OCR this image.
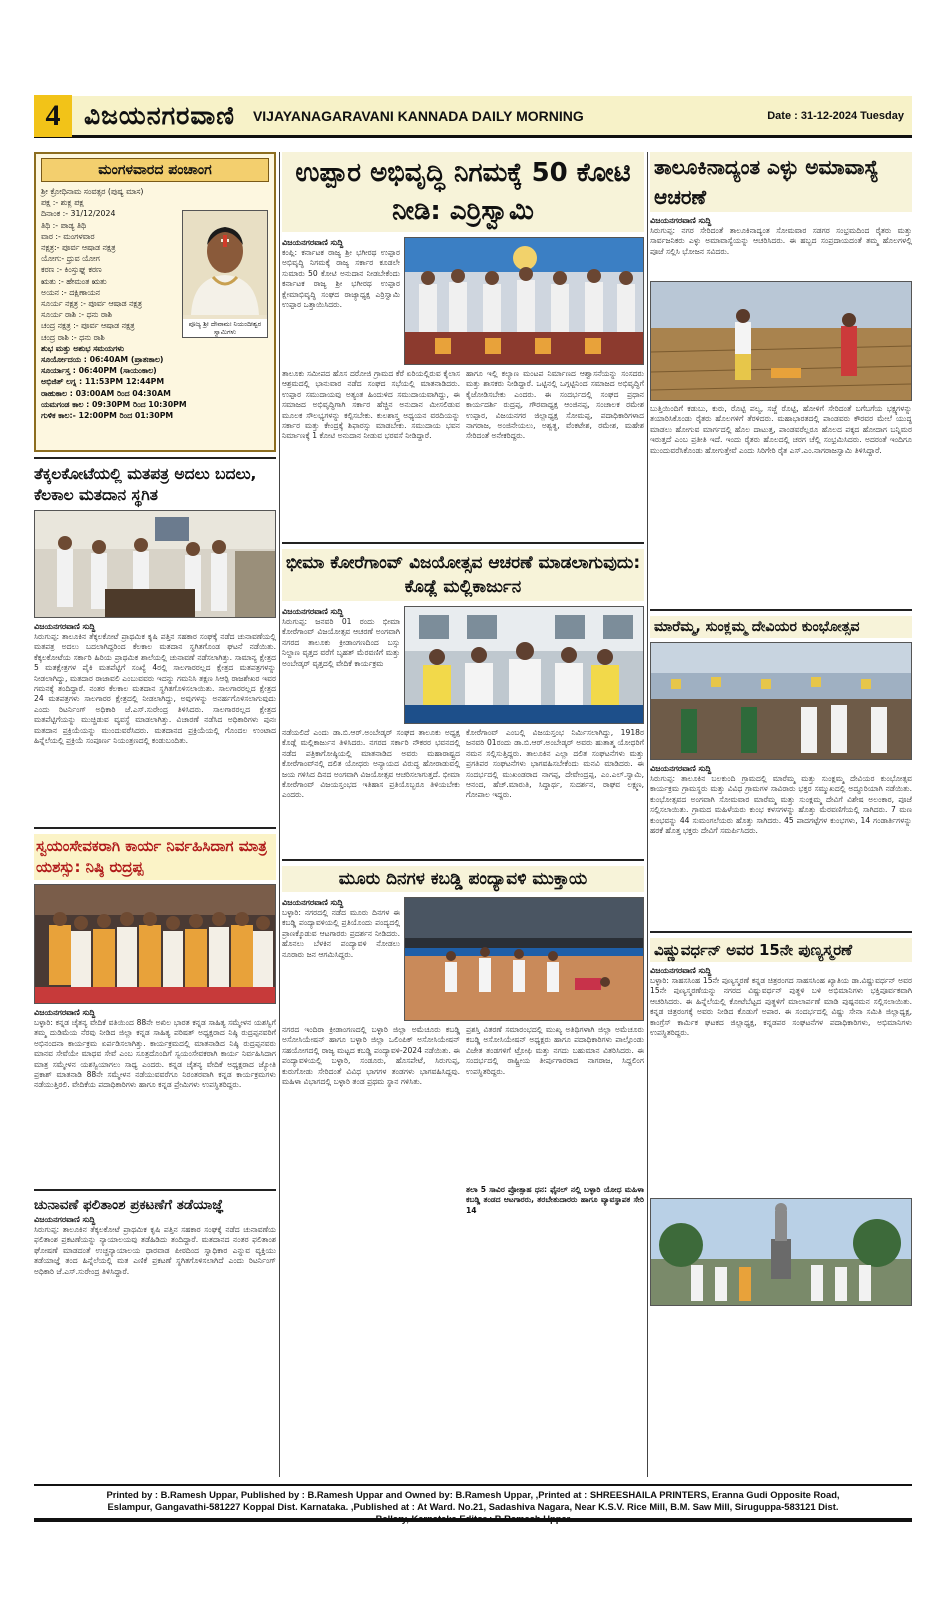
4 ವಿಜಯನಗರವಾಣಿ VIJAYANAGARAVANI KANNADA DAILY MORNING	Date : 31-12-2024 Tuesday
ಮಂಗಳವಾರದ ಪಂಚಾಂಗ
ಶ್ರೀ ಕ್ರೋಧಿನಾಮ ಸಂವತ್ಸರ (ಪುಷ್ಯ ಮಾಸ)
ಪಕ್ಷ :- ಶುಕ್ಲ ಪಕ್ಷ
ದಿನಾಂಕ :- 31/12/2024
ತಿಥಿ :- ಪಾಡ್ಯ ತಿಥಿ
ವಾರ :- ಮಂಗಳವಾರ
ನಕ್ಷತ್ರ:- ಪೂರ್ವ ಆಷಾಡ ನಕ್ಷತ್ರ
ಯೋಗ:- ಧ್ರುವ ಯೋಗ
ಕರಣ :- ಕಿಂಸ್ತುಘ್ನ ಕರಣ
ಋತು :- ಹೇಮಂತ ಋತು
ಅಯನ :- ದಕ್ಷಿಣಾಯನ
ಸೂರ್ಯ ನಕ್ಷತ್ರ :- ಪೂರ್ವ ಆಷಾಡ ನಕ್ಷತ್ರ
ಸೂರ್ಯ ರಾಶಿ :- ಧನು ರಾಶಿ
ಚಂದ್ರ ನಕ್ಷತ್ರ :- ಪೂರ್ವ ಆಷಾಡ ನಕ್ಷತ್ರ
ಚಂದ್ರ ರಾಶಿ :- ಧನು ರಾಶಿ
ಶುಭ ಮತ್ತು ಅಶುಭ ಸಮಯಗಳು
ಸೂರ್ಯೋದಯ : 06:40AM (ಪ್ರಾತಃಕಾಲ)
ಸೂರ್ಯಾಸ್ತ : 06:40PM (ಸಾಯಂಕಾಲ)
ಅಭಿಜಿತ್ ಲಗ್ನ : 11:53PM 12:44PM
ರಾಹುಕಾಲ : 03:00AM ರಿಂದ 04:30AM
ಯಮಗಂಡ ಕಾಲ : 09:30PM ರಿಂದ 10:30PM
ಗುಳಿಕ ಕಾಲ:- 12:00PM ರಿಂದ 01:30PM
ಪೂಜ್ಯ ಶ್ರೀ ದೇವಾಮಃ ನಿಯಂದೀಶ್ವರ ಸ್ವಾಮಿಗಳು
ತೆಕ್ಕಲಕೋಟೆಯಲ್ಲಿ ಮತಪತ್ರ ಅದಲು ಬದಲು, ಕೆಲಕಾಲ ಮತದಾನ ಸ್ಥಗಿತ
ವಿಜಯನಗರವಾಣಿ ಸುದ್ದಿ
ಸಿರುಗುಪ್ಪ: ತಾಲೂಕಿನ ತೆಕ್ಕಲಕೋಟೆ ಪ್ರಾಥಮಿಕ ಕೃಷಿ ಪತ್ತಿನ ಸಹಕಾರ ಸಂಘಕ್ಕೆ ನಡೆದ ಚುನಾವಣೆಯಲ್ಲಿ ಮತಪತ್ರ ಅದಲು ಬದಲಾಗಿದ್ದರಿಂದ ಕೆಲಕಾಲ ಮತದಾನ ಸ್ಥಗಿತಗೊಂಡ ಘಟನೆ ನಡೆಯಿತು. ಕೆಕ್ಕಲಕೋಟೆಯ ಸರ್ಕಾರಿ ಹಿರಿಯ ಪ್ರಾಥಮಿಕ ಶಾಲೆಯಲ್ಲಿ ಚುನಾವಣೆ ನಡೆಸಲಾಗಿತ್ತು. ಸಾಮಾನ್ಯ ಕ್ಷೇತ್ರದ 5 ಮತಕ್ಷೇತ್ರಗಳ ಪೈಕಿ ಮತಪೆಟ್ಟಿಗೆ ಸಂಖ್ಯೆ 4ರಲ್ಲಿ ಸಾಲಗಾರರಲ್ಲದ ಕ್ಷೇತ್ರದ ಮತಪತ್ರಗಳನ್ನು ನೀಡಲಾಗಿದ್ದು, ಮತದಾರ ರಾಜಾವಲಿ ಎಂಬುವವರು ಇದನ್ನು ಗಮನಿಸಿ ತಕ್ಷಣ ಸಿಆರ್‍ಪಿ ರಾಜಶೇಖರ ಇವರ ಗಮನಕ್ಕೆ ತಂದಿದ್ದಾರೆ. ನಂತರ ಕೆಲಕಾಲ ಮತದಾನ ಸ್ಥಗಿತಗೊಳಿಸಲಾಯಿತು. ಸಾಲಗಾರರಲ್ಲದ ಕ್ಷೇತ್ರದ 24 ಮತಪತ್ರಗಳು ಸಾಲಗಾರರ ಕ್ಷೇತ್ರದಲ್ಲಿ ನೀಡಲಾಗಿದ್ದು, ಅವುಗಳನ್ನು ಅನರ್ಹಗೊಳಿಸಲಾಗುವುದು ಎಂದು ರಿಟರ್ನಿಂಗ್ ಅಧಿಕಾರಿ ಜೆ.ಎಸ್.ಸುರೇಂದ್ರ ತಿಳಿಸಿದರು. ಸಾಲಗಾರರಲ್ಲದ ಕ್ಷೇತ್ರದ ಮತಪೆಟ್ಟಿಗೆಯನ್ನು ಮುಚ್ಚಿಡುವ ವ್ಯವಸ್ಥೆ ಮಾಡಲಾಗಿತ್ತು. ವಿಚಾರಣೆ ನಡೆಸಿದ ಅಧಿಕಾರಿಗಳು ಪುನಃ ಮತದಾನ ಪ್ರಕ್ರಿಯೆಯನ್ನು ಮುಂದುವರೆಸಿದರು. ಮತದಾನದ ಪ್ರಕ್ರಿಯೆಯಲ್ಲಿ ಗೊಂದಲ ಉಂಟಾದ ಹಿನ್ನೆಲೆಯಲ್ಲಿ ಪ್ರಕ್ರಿಯೆ ಸಂಪೂರ್ಣ ನಿಯಂತ್ರಣದಲ್ಲಿ ಕಂಡುಬಂದಿತು.
ಸ್ವಯಂಸೇವಕರಾಗಿ ಕಾರ್ಯ ನಿರ್ವಹಿಸಿದಾಗ ಮಾತ್ರ ಯಶಸ್ಸು: ನಿಷ್ಠಿ ರುದ್ರಪ್ಪ
ವಿಜಯನಗರವಾಣಿ ಸುದ್ದಿ
ಬಳ್ಳಾರಿ: ಕನ್ನಡ ಚೈತನ್ಯ ವೇದಿಕೆ ವತಿಯಿಂದ 88ನೇ ಅಖಿಲ ಭಾರತ ಕನ್ನಡ ಸಾಹಿತ್ಯ ಸಮ್ಮೇಳನ ಯಶಸ್ವಿಗೆ ತಮ್ಮ ದುಡಿಮೆಯ ನೆರವು ನೀಡಿದ ಜಿಲ್ಲಾ ಕನ್ನಡ ಸಾಹಿತ್ಯ ಪರಿಷತ್ ಅಧ್ಯಕ್ಷರಾದ ನಿಷ್ಠಿ ರುದ್ರಪ್ಪನವರಿಗೆ ಅಭಿನಂದನಾ ಕಾರ್ಯಕ್ರಮ ಏರ್ಪಡಿಸಲಾಗಿತ್ತು. ಕಾರ್ಯಕ್ರಮದಲ್ಲಿ ಮಾತನಾಡಿದ ನಿಷ್ಠಿ ರುದ್ರಪ್ಪನವರು ಮಾನವ ಸೇವೆಯೇ ಮಾಧವ ಸೇವೆ ಎಂಬ ಸೂತ್ರದೊಂದಿಗೆ ಸ್ವಯಂಸೇವಕರಾಗಿ ಕಾರ್ಯ ನಿರ್ವಹಿಸಿದಾಗ ಮಾತ್ರ ಸಮ್ಮೇಳನ ಯಶಸ್ವಿಯಾಗಲು ಸಾಧ್ಯ ಎಂದರು. ಕನ್ನಡ ಚೈತನ್ಯ ವೇದಿಕೆ ಅಧ್ಯಕ್ಷರಾದ ಜ್ಯೋತಿ ಪ್ರಕಾಶ್ ಮಾತನಾಡಿ 88ನೇ ಸಮ್ಮೇಳನ ನಡೆಯುವವರೆಗೂ ನಿರಂತರವಾಗಿ ಕನ್ನಡ ಕಾರ್ಯಕ್ರಮಗಳು ನಡೆಯುತ್ತಿರಲಿ. ವೇದಿಕೆಯ ಪದಾಧಿಕಾರಿಗಳು ಹಾಗೂ ಕನ್ನಡ ಪ್ರೇಮಿಗಳು ಉಪಸ್ಥಿತರಿದ್ದರು.
ಚುನಾವಣೆ ಫಲಿತಾಂಶ ಪ್ರಕಟಣೆಗೆ ತಡೆಯಾಜ್ಞೆ
ವಿಜಯನಗರವಾಣಿ ಸುದ್ದಿ
ಸಿರುಗುಪ್ಪ: ತಾಲೂಕಿನ ತೆಕ್ಕಲಕೋಟೆ ಪ್ರಾಥಮಿಕ ಕೃಷಿ ಪತ್ತಿನ ಸಹಕಾರ ಸಂಘಕ್ಕೆ ನಡೆದ ಚುನಾವಣೆಯ ಫಲಿತಾಂಶ ಪ್ರಕಟಣೆಯನ್ನು ನ್ಯಾಯಾಲಯವು ತಡೆಹಿಡಿದು ತಂದಿದ್ದಾರೆ. ಮತದಾನದ ನಂತರ ಫಲಿತಾಂಶ ಘೋಷಣೆ ಮಾಡದಂತೆ ಉಚ್ಚನ್ಯಾಯಾಲಯ ಧಾರವಾಡ ಪೀಠದಿಂದ ಸ್ವಾಧಿಕಾರ ಎನ್ನುವ ವ್ಯಕ್ತಿಯು ತಡೆಯಾಜ್ಞೆ ತಂದ ಹಿನ್ನೆಲೆಯಲ್ಲಿ ಮತ ಎಣಿಕೆ ಪ್ರಕಟಣೆ ಸ್ಥಗಿತಗೊಳಿಸಲಾಗಿದೆ ಎಂದು ರಿಟರ್ನಿಂಗ್ ಅಧಿಕಾರಿ ಜೆ.ಎಸ್.ಸುರೇಂದ್ರ ತಿಳಿಸಿದ್ದಾರೆ.
ಉಪ್ಪಾರ ಅಭಿವೃದ್ಧಿ ನಿಗಮಕ್ಕೆ 50 ಕೋಟಿ ನೀಡಿ: ಎರ್ರಿಸ್ವಾಮಿ
ವಿಜಯನಗರವಾಣಿ ಸುದ್ದಿ
ಕಂಪ್ಲಿ: ಕರ್ನಾಟಕ ರಾಜ್ಯ ಶ್ರೀ ಭಗೀರಥ ಉಪ್ಪಾರ ಅಭಿವೃದ್ಧಿ ನಿಗಮಕ್ಕೆ ರಾಜ್ಯ ಸರ್ಕಾರ ಕೂಡಲೇ ಸುಮಾರು 50 ಕೋಟಿ ಅನುದಾನ ನೀಡಬೇಕೆಂದು ಕರ್ನಾಟಕ ರಾಜ್ಯ ಶ್ರೀ ಭಗೀರಥ ಉಪ್ಪಾರ ಕ್ಷೇಮಾಭಿವೃದ್ಧಿ ಸಂಘದ ರಾಜ್ಯಾಧ್ಯಕ್ಷ ಎರ್ರಿಸ್ವಾಮಿ ಉಪ್ಪಾರ ಒತ್ತಾಯಿಸಿದರು.
ತಾಲೂಕು ಸಮೀಪದ ಹೊಸ ದರೋಜಿ ಗ್ರಾಮದ ಕೆರೆ ಏರಿಯಲ್ಲಿರುವ ಕೈಲಾಸ ಆಶ್ರಮದಲ್ಲಿ ಭಾನುವಾರ ನಡೆದ ಸಂಘದ ಸಭೆಯಲ್ಲಿ ಮಾತನಾಡಿದರು. ಉಪ್ಪಾರ ಸಮುದಾಯವು ಅತ್ಯಂತ ಹಿಂದುಳಿದ ಸಮುದಾಯವಾಗಿದ್ದು, ಈ ಸಮಾಜದ ಅಭಿವೃದ್ಧಿಗಾಗಿ ಸರ್ಕಾರ ಹೆಚ್ಚಿನ ಅನುದಾನ ಮೀಸಲಿಡುವ ಮೂಲಕ ಸೌಲಭ್ಯಗಳನ್ನು ಕಲ್ಪಿಸಬೇಕು. ಕುಲಶಾಸ್ತ್ರ ಅಧ್ಯಯನ ವರದಿಯನ್ನು ಸರ್ಕಾರ ಮತ್ತು ಕೇಂದ್ರಕ್ಕೆ ಶಿಫಾರಸ್ಸು ಮಾಡಬೇಕು. ಸಮುದಾಯ ಭವನ ನಿರ್ಮಾಣಕ್ಕೆ 1 ಕೋಟಿ ಅನುದಾನ ನೀಡುವ ಭರವಸೆ ನೀಡಿದ್ದಾರೆ.
ಹಾಗೂ ಇಲ್ಲಿ ಕಲ್ಯಾಣ ಮಂಟಪ ನಿರ್ಮಾಣದ ಆಶ್ವಾಸನೆಯನ್ನು ಸಂಸದರು ಮತ್ತು ಶಾಸಕರು ನೀಡಿದ್ದಾರೆ. ಒಟ್ಟಿನಲ್ಲಿ ಒಗ್ಗಟ್ಟಿನಿಂದ ಸಮಾಜದ ಅಭಿವೃದ್ಧಿಗೆ ಕೈಜೋಡಿಸಬೇಕು ಎಂದರು. ಈ ಸಂದರ್ಭದಲ್ಲಿ ಸಂಘದ ಪ್ರಧಾನ ಕಾರ್ಯದರ್ಶಿ ರುದ್ರಪ್ಪ, ಗೌರವಾಧ್ಯಕ್ಷ ಆಂಜಿನಪ್ಪ, ಸಂಚಾಲಕ ರಮೇಶ ಉಪ್ಪಾರ, ವಿಜಯನಗರ ಜಿಲ್ಲಾಧ್ಯಕ್ಷ ಸೋಮಪ್ಪ, ಪದಾಧಿಕಾರಿಗಳಾದ ನಾಗರಾಜ, ಅಂಜಿನೇಯಲು, ಅಶ್ವತ್ಥ, ವೆಂಕಟೇಶ, ರಮೇಶ, ಮಹೇಶ ಸೇರಿದಂತೆ ಅನೇಕರಿದ್ದರು.
ಭೀಮಾ ಕೋರೆಗಾಂವ್ ವಿಜಯೋತ್ಸವ ಆಚರಣೆ ಮಾಡಲಾಗುವುದು: ಕೊಡ್ಲೆ ಮಲ್ಲಿಕಾರ್ಜುನ
ವಿಜಯನಗರವಾಣಿ ಸುದ್ದಿ
ಸಿರುಗುಪ್ಪ: ಜನವರಿ 01 ರಂದು ಭೀಮಾ ಕೋರೆಗಾಂವ್ ವಿಜಯೋತ್ಸವ ಆಚರಣೆ ಅಂಗವಾಗಿ ನಗರದ ತಾಲೂಕು ಕ್ರೀಡಾಂಗಣದಿಂದ ಬಸ್ಸು ನಿಲ್ದಾಣ ವೃತ್ತದ ವರೆಗೆ ಬೃಹತ್ ಮೆರವಣಿಗೆ ಮತ್ತು ಅಂಬೇಡ್ಕರ್ ವೃತ್ತದಲ್ಲಿ ವೇದಿಕೆ ಕಾರ್ಯಕ್ರಮ
ನಡೆಯಲಿದೆ ಎಂದು ಡಾ.ಬಿ.ಆರ್.ಅಂಬೇಡ್ಕರ್ ಸಂಘದ ತಾಲೂಕು ಅಧ್ಯಕ್ಷ ಕೊಡ್ಲೆ ಮಲ್ಲಿಕಾರ್ಜುನ ತಿಳಿಸಿದರು. ನಗರದ ಸರ್ಕಾರಿ ನೌಕರರ ಭವನದಲ್ಲಿ ನಡೆದ ಪತ್ರಿಕಾಗೋಷ್ಠಿಯಲ್ಲಿ ಮಾತನಾಡಿದ ಅವರು ಮಹಾರಾಷ್ಟ್ರದ ಕೋರೆಗಾಂವ್‍ನಲ್ಲಿ ದಲಿತ ಯೋಧರು ಅನ್ಯಾಯದ ವಿರುದ್ಧ ಹೋರಾಡುವಲ್ಲಿ ಜಯ ಗಳಿಸಿದ ದಿನದ ಅಂಗವಾಗಿ ವಿಜಯೋತ್ಸವ ಆಚರಿಸಲಾಗುತ್ತದೆ. ಭೀಮಾ ಕೋರೆಗಾಂವ್ ವಿಜಯಸ್ತಂಭದ ಇತಿಹಾಸ ಪ್ರತಿಯೊಬ್ಬರೂ ತಿಳಿಯಬೇಕು ಎಂದರು.
ಕೋರೆಗಾಂವ್ ಎಂಬಲ್ಲಿ ವಿಜಯಸ್ತಂಭ ನಿರ್ಮಿಸಲಾಗಿದ್ದು, 1918ರ ಜನವರಿ 01ರಂದು ಡಾ.ಬಿ.ಆರ್.ಅಂಬೇಡ್ಕರ್ ಅವರು ಹುತಾತ್ಮ ಯೋಧರಿಗೆ ನಮನ ಸಲ್ಲಿಸುತ್ತಿದ್ದರು. ತಾಲೂಕಿನ ಎಲ್ಲಾ ದಲಿತ ಸಂಘಟನೆಗಳು ಮತ್ತು ಪ್ರಗತಿಪರ ಸಂಘಟನೆಗಳು ಭಾಗವಹಿಸಬೇಕೆಂದು ಮನವಿ ಮಾಡಿದರು. ಈ ಸಂದರ್ಭದಲ್ಲಿ ಮುಖಂಡರಾದ ನಾಗಪ್ಪ, ದೇವೇಂದ್ರಪ್ಪ, ಎಂ.ಎಲ್.ಸ್ವಾಮಿ, ಆನಂದ, ಹೆಚ್.ಮಾರುತಿ, ಸಿದ್ದಾರ್ಥ, ಸುದರ್ಶನ, ರಾಘವ ಲಕ್ಷ್ಮಣ, ಗೋಪಾಲ ಇದ್ದರು.
ಮೂರು ದಿನಗಳ ಕಬಡ್ಡಿ ಪಂದ್ಯಾವಳಿ ಮುಕ್ತಾಯ
ವಿಜಯನಗರವಾಣಿ ಸುದ್ದಿ
ಬಳ್ಳಾರಿ: ನಗರದಲ್ಲಿ ನಡೆದ ಮೂರು ದಿನಗಳ ಈ ಕಬಡ್ಡಿ ಪಂದ್ಯಾವಳಿಯಲ್ಲಿ ಪ್ರತಿಯೊಂದು ಪಂದ್ಯದಲ್ಲಿ ಪ್ರಾಣಕ್ಕೊಡುವ ಆಟಗಾರರು ಪ್ರದರ್ಶನ ನೀಡಿದರು. ಹೊನಲು ಬೆಳಕಿನ ಪಂದ್ಯಾವಳಿ ನೋಡಲು ನೂರಾರು ಜನ ಆಗಮಿಸಿದ್ದರು.
ನಗರದ ಇಂದಿರಾ ಕ್ರೀಡಾಂಗಣದಲ್ಲಿ ಬಳ್ಳಾರಿ ಜಿಲ್ಲಾ ಅಮೆಚೂರು ಕಬಡ್ಡಿ ಅಸೋಸಿಯೇಷನ್ ಹಾಗೂ ಬಳ್ಳಾರಿ ಜಿಲ್ಲಾ ಒಲಿಂಪಿಕ್ ಅಸೋಸಿಯೇಷನ್ ಸಹಯೋಗದಲ್ಲಿ ರಾಜ್ಯ ಮಟ್ಟದ ಕಬಡ್ಡಿ ಪಂದ್ಯಾವಳಿ-2024 ನಡೆಯಿತು. ಈ ಪಂದ್ಯಾವಳಿಯಲ್ಲಿ ಬಳ್ಳಾರಿ, ಸಂಡೂರು, ಹೊಸಪೇಟೆ, ಸಿರುಗುಪ್ಪ, ಕುರುಗೋಡು ಸೇರಿದಂತೆ ವಿವಿಧ ಭಾಗಗಳ ತಂಡಗಳು ಭಾಗವಹಿಸಿದ್ದವು. ಮಹಿಳಾ ವಿಭಾಗದಲ್ಲಿ ಬಳ್ಳಾರಿ ತಂಡ ಪ್ರಥಮ ಸ್ಥಾನ ಗಳಿಸಿತು.
ಪ್ರಶಸ್ತಿ ವಿತರಣೆ ಸಮಾರಂಭದಲ್ಲಿ ಮುಖ್ಯ ಅತಿಥಿಗಳಾಗಿ ಜಿಲ್ಲಾ ಅಮೆಚೂರು ಕಬಡ್ಡಿ ಅಸೋಸಿಯೇಷನ್ ಅಧ್ಯಕ್ಷರು ಹಾಗೂ ಪದಾಧಿಕಾರಿಗಳು ಪಾಲ್ಗೊಂಡು ವಿಜೇತ ತಂಡಗಳಿಗೆ ಟ್ರೋಫಿ ಮತ್ತು ನಗದು ಬಹುಮಾನ ವಿತರಿಸಿದರು. ಈ ಸಂದರ್ಭದಲ್ಲಿ ರಾಷ್ಟ್ರೀಯ ತೀರ್ಪುಗಾರರಾದ ನಾಗರಾಜ, ಸಿದ್ದಲಿಂಗ ಉಪಸ್ಥಿತರಿದ್ದರು.
ತಲಾ 5 ಸಾವಿರ ಪ್ರೋತ್ಸಾಹ ಧನ: ಫೈನಲ್ ನಲ್ಲಿ ಬಳ್ಳಾರಿ ಯೋಧ ಮಹಿಳಾ ಕಬಡ್ಡಿ ತಂಡದ ಆಟಗಾರರು, ತರಬೇತುದಾರರು ಹಾಗೂ ವ್ಯಾವಸ್ಥಾಪಕ ಸೇರಿ 14
ತಾಲೂಕಿನಾದ್ಯಂತ ಎಳ್ಳು ಅಮಾವಾಸ್ಯೆ ಆಚರಣೆ
ವಿಜಯನಗರವಾಣಿ ಸುದ್ದಿ
ಸಿರುಗುಪ್ಪ: ನಗರ ಸೇರಿದಂತೆ ತಾಲೂಕಿನಾದ್ಯಂತ ಸೋಮವಾರ ಸಡಗರ ಸಂಭ್ರಮದಿಂದ ರೈತರು ಮತ್ತು ಸಾರ್ವಜನಿಕರು ಎಳ್ಳು ಅಮಾವಾಸ್ಯೆಯನ್ನು ಆಚರಿಸಿದರು. ಈ ಹಬ್ಬದ ಸಂಪ್ರದಾಯದಂತೆ ತಮ್ಮ ಹೊಲಗಳಲ್ಲಿ ಪೂಜೆ ಸಲ್ಲಿಸಿ ಭೋಜನ ಸವಿದರು.
ಬುತ್ತಿಯಿಂದಿಗೆ ಕಡುಬು, ಕುರು, ರೊಟ್ಟಿ ಪಲ್ಯ, ಸಜ್ಜೆ ರೊಟ್ಟಿ, ಹೋಳಿಗೆ ಸೇರಿದಂತೆ ಬಗೆಬಗೆಯ ಭಕ್ಷ್ಯಗಳನ್ನು ತಯಾರಿಸಿಕೊಂಡು ರೈತರು ಹೊಲಗಳಿಗೆ ತೆರಳಿದರು. ಮಹಾಭಾರತದಲ್ಲಿ ಪಾಂಡವರು ಕೌರವರ ಮೇಲೆ ಯುದ್ಧ ಮಾಡಲು ಹೋಗುವ ಮಾರ್ಗದಲ್ಲಿ ಹೊಲ ದಾಟುತ್ತ, ಪಾಂಡವರೆಲ್ಲರೂ ಹೊಲದ ಪಕ್ಕದ ಹೋದಾಗ ಬನ್ನಿಮರ ಇರುತ್ತದೆ ಎಂಬ ಪ್ರತೀತಿ ಇದೆ. ಇಂದು ರೈತರು ಹೊಲದಲ್ಲಿ ಚರಗ ಚೆಲ್ಲಿ ಸಂಭ್ರಮಿಸಿದರು. ಅದರಂತೆ ಇಂದಿಗೂ ಮುಂದುವರೆಸಿಕೊಂಡು ಹೋಗುತ್ತೇವೆ ಎಂದು ಸಿರಿಗೇರಿ ರೈತ ಎಸ್.ಎಂ.ನಾಗರಾಜಸ್ವಾಮಿ ತಿಳಿಸಿದ್ದಾರೆ.
ಮಾರೆಮ್ಮ, ಸುಂಕ್ಲಮ್ಮ ದೇವಿಯರ ಕುಂಭೋತ್ಸವ
ವಿಜಯನಗರವಾಣಿ ಸುದ್ದಿ
ಸಿರುಗುಪ್ಪ: ತಾಲೂಕಿನ ಬಲಕುಂದಿ ಗ್ರಾಮದಲ್ಲಿ ಮಾರೆಮ್ಮ ಮತ್ತು ಸುಂಕ್ಲಮ್ಮ ದೇವಿಯರ ಕುಂಭೋತ್ಸವ ಕಾರ್ಯಕ್ರಮ ಗ್ರಾಮಸ್ಥರು ಮತ್ತು ವಿವಿಧ ಗ್ರಾಮಗಳ ಸಾವಿರಾರು ಭಕ್ತರ ಸಮ್ಮುಖದಲ್ಲಿ ಅದ್ಧೂರಿಯಾಗಿ ನಡೆಯಿತು. ಕುಂಭೋತ್ಸವದ ಅಂಗವಾಗಿ ಸೋಮವಾರ ಮಾರೆಮ್ಮ ಮತ್ತು ಸುಂಕ್ಲಮ್ಮ ದೇವಿಗೆ ವಿಶೇಷ ಅಲಂಕಾರ, ಪೂಜೆ ಸಲ್ಲಿಸಲಾಯಿತು. ಗ್ರಾಮದ ಮಹಿಳೆಯರು ಕುಂಭ ಕಳಸಗಳನ್ನು ಹೊತ್ತು ಮೆರವಣಿಗೆಯಲ್ಲಿ ಸಾಗಿದರು. 7 ಮಣ ಕುಂಭವನ್ನು 44 ಸುಮಂಗಲೆಯರು ಹೊತ್ತು ಸಾಗಿದರು. 45 ಪಾದಗಟ್ಟೆಗಳ ಕುಂಭಗಳು, 14 ಗಂಡಾರ್ತಿಗಳನ್ನು ಹರಕೆ ಹೊತ್ತ ಭಕ್ತರು ದೇವಿಗೆ ಸಮರ್ಪಿಸಿದರು.
ವಿಷ್ಣುವರ್ಧನ್ ಅವರ 15ನೇ ಪುಣ್ಯಸ್ಮರಣೆ
ವಿಜಯನಗರವಾಣಿ ಸುದ್ದಿ
ಬಳ್ಳಾರಿ: ಸಾಹಸಸಿಂಹ 15ನೇ ಪುಣ್ಯಸ್ಮರಣೆ ಕನ್ನಡ ಚಿತ್ರರಂಗದ ಸಾಹಸಸಿಂಹ ಖ್ಯಾತಿಯ ಡಾ.ವಿಷ್ಣುವರ್ಧನ್ ಅವರ 15ನೇ ಪುಣ್ಯಸ್ಮರಣೆಯನ್ನು ನಗರದ ವಿಷ್ಣುವರ್ಧನ್ ಪುತ್ಥಳಿ ಬಳಿ ಅಭಿಮಾನಿಗಳು ಭಕ್ತಿಪೂರ್ವಕವಾಗಿ ಆಚರಿಸಿದರು. ಈ ಹಿನ್ನೆಲೆಯಲ್ಲಿ ಕೋಟೆಬೆಟ್ಟದ ಪುತ್ಥಳಿಗೆ ಮಾಲಾರ್ಪಣೆ ಮಾಡಿ ಪುಷ್ಪನಮನ ಸಲ್ಲಿಸಲಾಯಿತು. ಕನ್ನಡ ಚಿತ್ರರಂಗಕ್ಕೆ ಅವರು ನೀಡಿದ ಕೊಡುಗೆ ಅಪಾರ. ಈ ಸಂದರ್ಭದಲ್ಲಿ ವಿಷ್ಣು ಸೇನಾ ಸಮಿತಿ ಜಿಲ್ಲಾಧ್ಯಕ್ಷ, ಕಾಂಗ್ರೆಸ್ ಕಾರ್ಮಿಕ ಘಟಕದ ಜಿಲ್ಲಾಧ್ಯಕ್ಷ, ಕನ್ನಡಪರ ಸಂಘಟನೆಗಳ ಪದಾಧಿಕಾರಿಗಳು, ಅಭಿಮಾನಿಗಳು ಉಪಸ್ಥಿತರಿದ್ದರು.
Printed by : B.Ramesh Uppar, Published by : B.Ramesh Uppar and Owned by: B.Ramesh Uppar, ,Printed at : SHREESHAILA PRINTERS, Eranna Gudi Opposite Road,
Eslampur, Gangavathi-581227 Koppal Dist. Karnataka. ,Published at : At Ward. No.21, Sadashiva Nagara, Near K.S.V. Rice Mill, B.M. Saw Mill, Siruguppa-583121 Dist.
